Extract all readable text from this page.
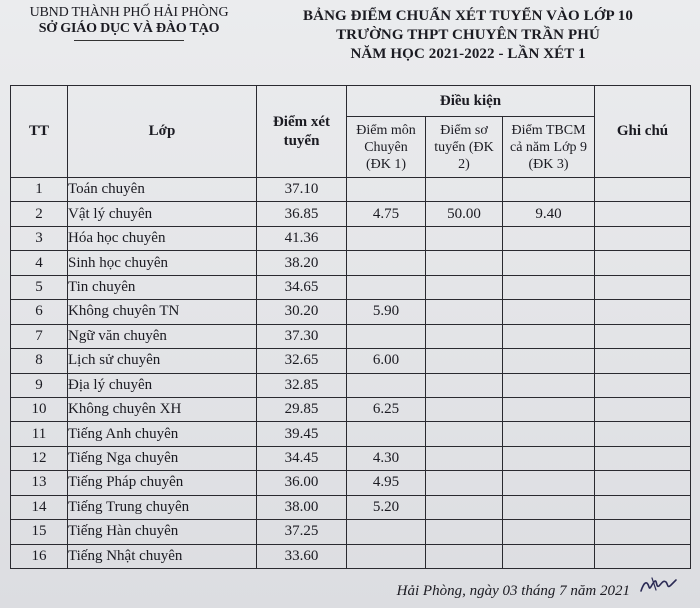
UBND THÀNH PHỐ HẢI PHÒNG
SỞ GIÁO DỤC VÀ ĐÀO TẠO
BẢNG ĐIỂM CHUẨN XÉT TUYỂN VÀO LỚP 10
TRƯỜNG THPT CHUYÊN TRẦN PHÚ
NĂM HỌC 2021-2022 - LẦN XÉT 1
TT	Lớp	Điểm xét tuyển	Điều kiện			Ghi chú
			Điểm môn Chuyên (ĐK 1)	Điểm sơ tuyển (ĐK 2)	Điểm TBCM cả năm Lớp 9 (ĐK 3)	
1	Toán chuyên	37.10				
2	Vật lý chuyên	36.85	4.75	50.00	9.40	
3	Hóa học chuyên	41.36				
4	Sinh học chuyên	38.20				
5	Tin chuyên	34.65				
6	Không chuyên TN	30.20	5.90			
7	Ngữ văn chuyên	37.30				
8	Lịch sử chuyên	32.65	6.00			
9	Địa lý chuyên	32.85				
10	Không chuyên XH	29.85	6.25			
11	Tiếng Anh chuyên	39.45				
12	Tiếng Nga chuyên	34.45	4.30			
13	Tiếng Pháp chuyên	36.00	4.95			
14	Tiếng Trung chuyên	38.00	5.20			
15	Tiếng Hàn chuyên	37.25				
16	Tiếng Nhật chuyên	33.60				
Hải Phòng, ngày 03 tháng 7 năm 2021
